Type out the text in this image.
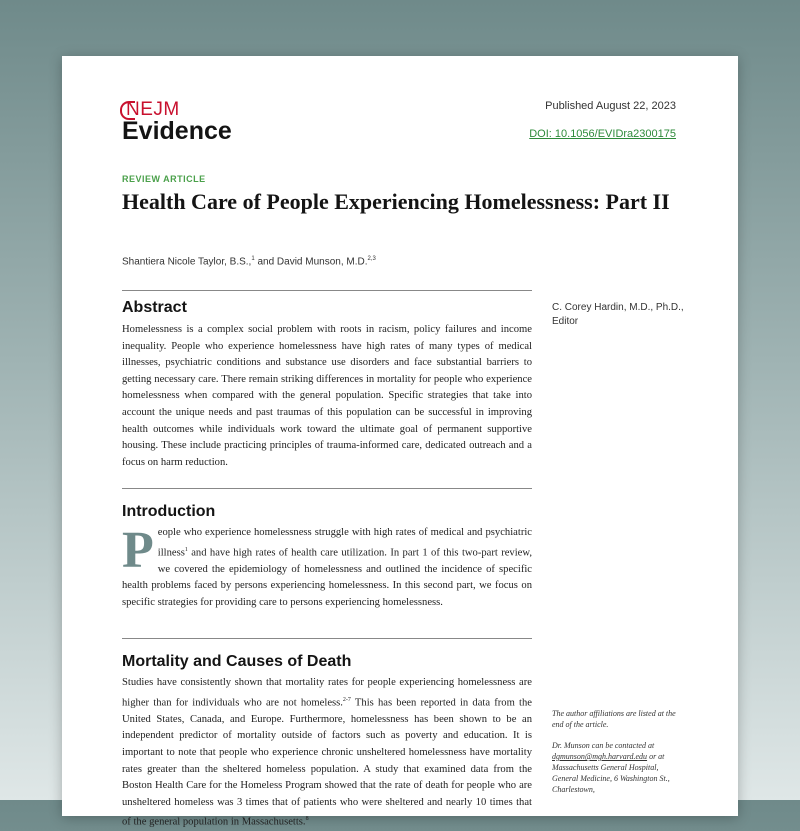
NEJM
Evidence
Published August 22, 2023
DOI: 10.1056/EVIDra2300175
REVIEW ARTICLE
Health Care of People Experiencing Homelessness: Part II
Shantiera Nicole Taylor, B.S.,$^1$ and David Munson, M.D.$^{2,3}$
Abstract

Homelessness is a complex social problem with roots in racism, policy failures and income inequality. People who experience homelessness have high rates of many types of medical illnesses, psychiatric conditions and substance use disorders and face substantial barriers to getting necessary care. There remain striking differences in mortality for people who experience homelessness when compared with the general population. Specific strategies that take into account the unique needs and past traumas of this population can be successful in improving health outcomes while individuals work toward the ultimate goal of permanent supportive housing. These include practicing principles of trauma-informed care, dedicated outreach and a focus on harm reduction.

C. Corey Hardin, M.D., Ph.D., Editor
Introduction

People who experience homelessness struggle with high rates of medical and psychiatric illness$^1$ and have high rates of health care utilization. In part 1 of this two-part review, we covered the epidemiology of homelessness and outlined the incidence of specific health problems faced by persons experiencing homelessness. In this second part, we focus on specific strategies for providing care to persons experiencing homelessness.

Mortality and Causes of Death

Studies have consistently shown that mortality rates for people experiencing homelessness are higher than for individuals who are not homeless.$^{2-7}$ This has been reported in data from the United States, Canada, and Europe. Furthermore, homelessness has been shown to be an independent predictor of mortality outside of factors such as poverty and education. It is important to note that people who experience chronic unsheltered homelessness have mortality rates greater than the sheltered homeless population. A study that examined data from the Boston Health Care for the Homeless Program showed that the rate of death for people who are unsheltered homeless was 3 times that of patients who were sheltered and nearly 10 times that of the general population in Massachusetts.$^8$

The author affiliations are listed at the end of the article.
Dr. Munson can be contacted at dgmunson@mgh.harvard.edu or at Massachusetts General Hospital, General Medicine, 6 Washington St., Charlestown,
